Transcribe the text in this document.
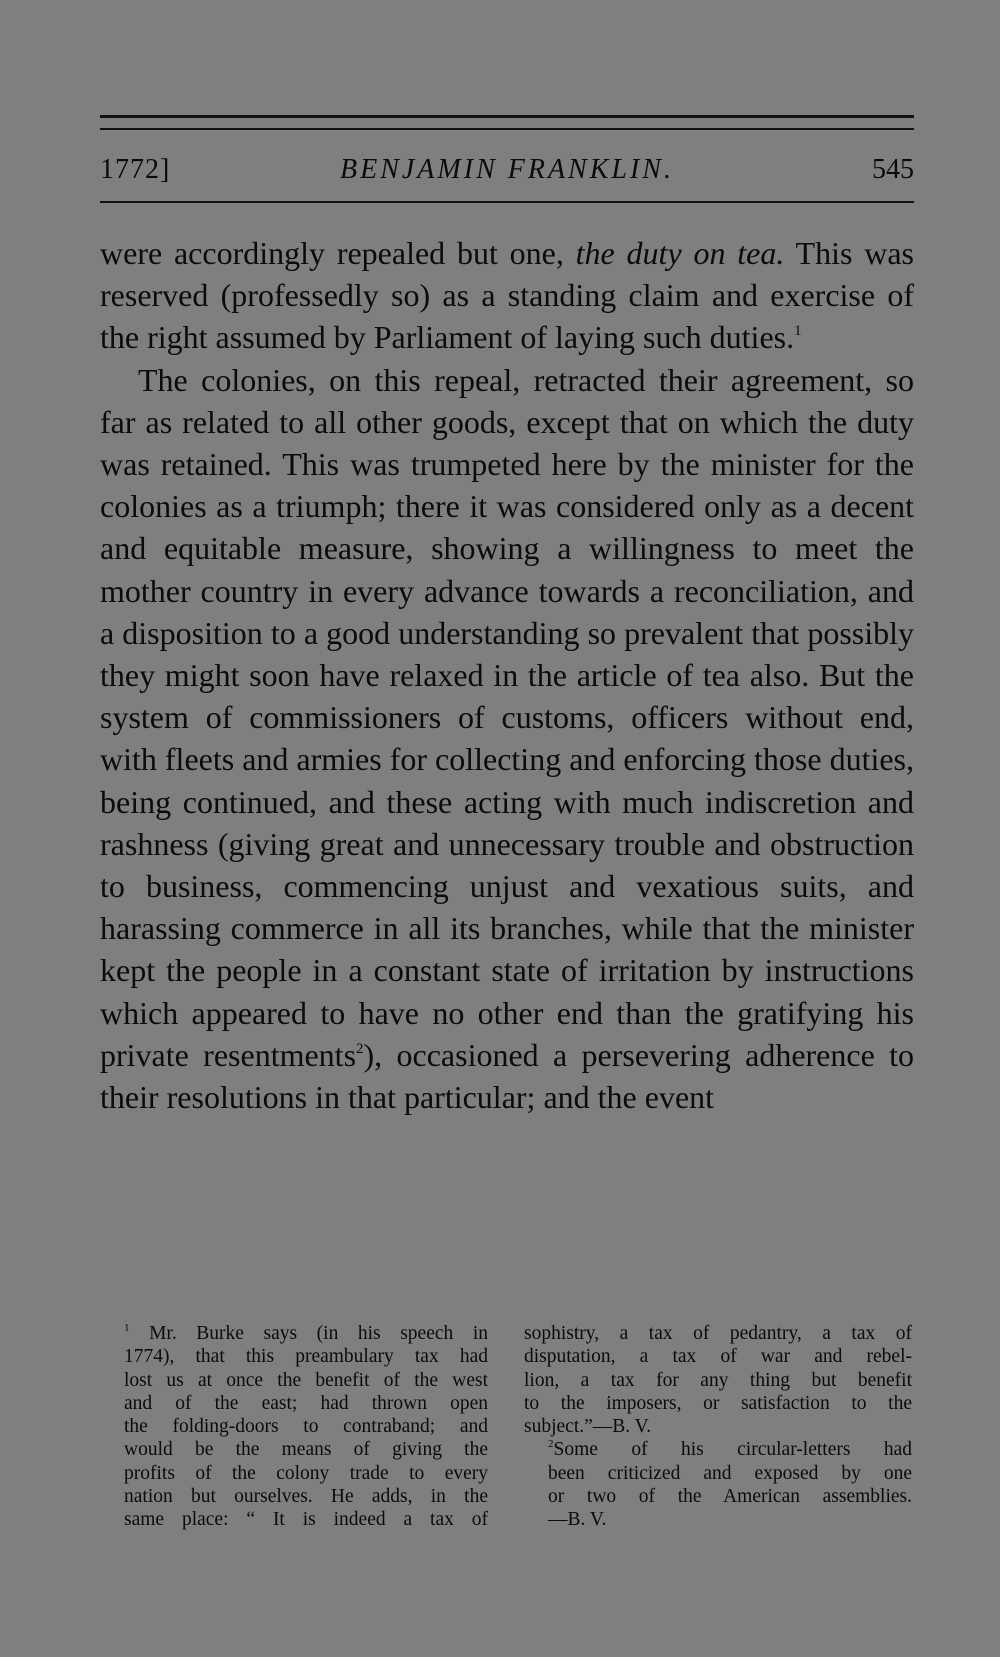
1772]	BENJAMIN FRANKLIN.	545

were accordingly repealed but one, the duty on tea. This was reserved (professedly so) as a standing claim and exercise of the right assumed by Parliament of laying such duties.$^1$

The colonies, on this repeal, retracted their agreement, so far as related to all other goods, except that on which the duty was retained. This was trumpeted here by the minister for the colonies as a triumph; there it was considered only as a decent and equitable measure, showing a willingness to meet the mother country in every advance towards a reconciliation, and a disposition to a good understanding so prevalent that possibly they might soon have relaxed in the article of tea also. But the system of commissioners of customs, officers without end, with fleets and armies for collecting and enforcing those duties, being continued, and these acting with much indiscretion and rashness (giving great and unnecessary trouble and obstruction to business, commencing unjust and vexatious suits, and harassing commerce in all its branches, while that the minister kept the people in a constant state of irritation by instructions which appeared to have no other end than the gratifying his private resentments$^2$), occasioned a persevering adherence to their resolutions in that particular; and the event

$^1$ Mr. Burke says (in his speech in
1774), that this preambulary tax had
lost us at once the benefit of the west
and of the east; had thrown open
the folding-doors to contraband; and
would be the means of giving the
profits of the colony trade to every
nation but ourselves. He adds, in the
same place: “ It is indeed a tax of

sophistry, a tax of pedantry, a tax of
disputation, a tax of war and rebel-
lion, a tax for any thing but benefit
to the imposers, or satisfaction to the
subject.”—B. V.

$^2$Some of his circular-letters had
been criticized and exposed by one
or two of the American assemblies.
—B. V.
